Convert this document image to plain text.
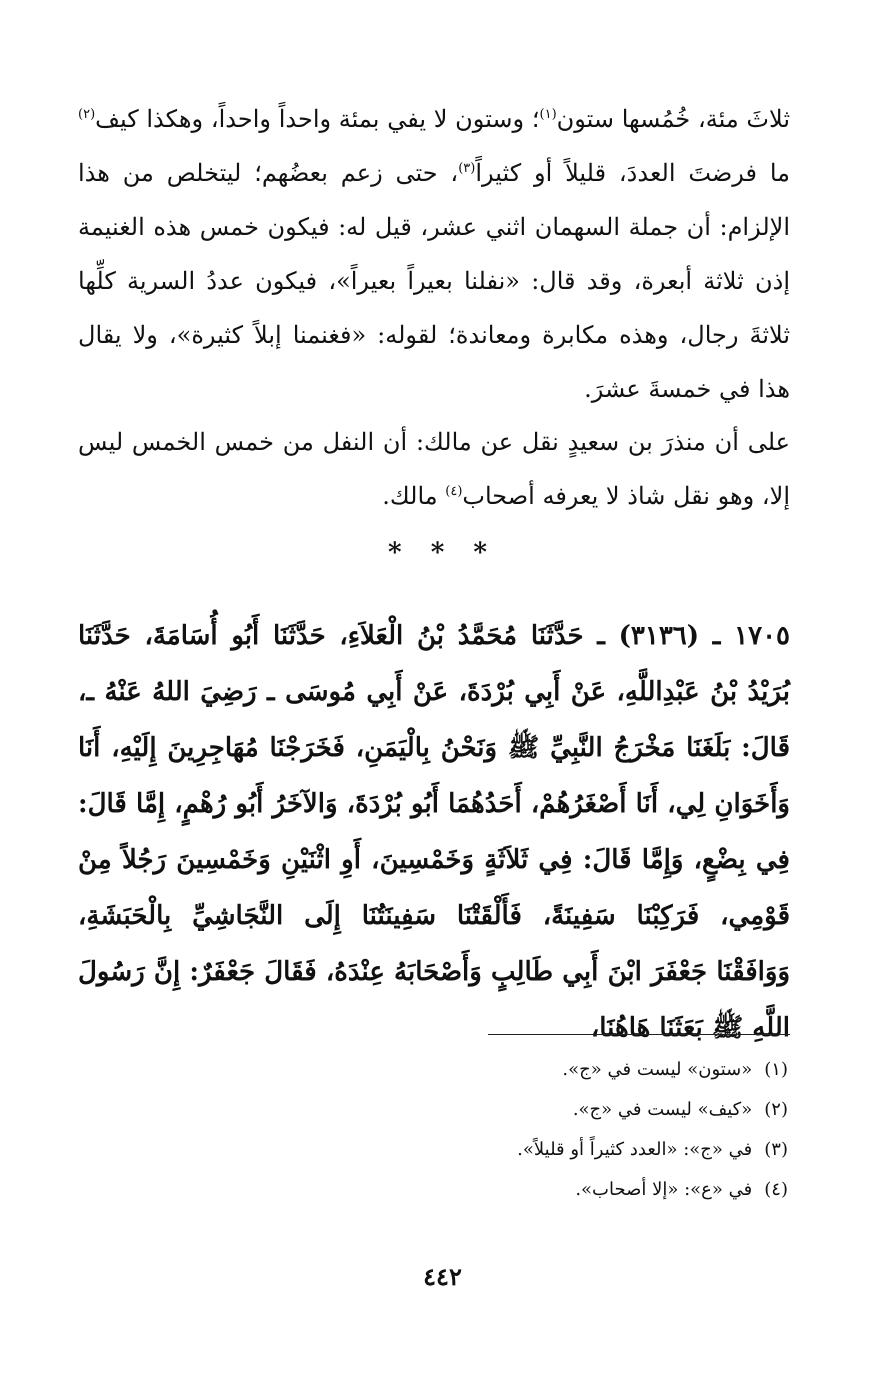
ثلاثَ مئة، خُمُسها ستون$^{(١)}$؛ وستون لا يفي بمئة واحداً واحداً، وهكذا كيف$^{(٢)}$ ما فرضتَ العددَ، قليلاً أو كثيراً$^{(٣)}$، حتى زعم بعضُهم؛ ليتخلص من هذا الإلزام: أن جملة السهمان اثني عشر، قيل له: فيكون خمس هذه الغنيمة إذن ثلاثة أبعرة، وقد قال: «نفلنا بعيراً بعيراً»، فيكون عددُ السرية كلِّها ثلاثةَ رجال، وهذه مكابرة ومعاندة؛ لقوله: «فغنمنا إبلاً كثيرة»، ولا يقال هذا في خمسةَ عشرَ.
على أن منذرَ بن سعيدٍ نقل عن مالك: أن النفل من خمس الخمس ليس إلا، وهو نقل شاذ لا يعرفه أصحاب$^{(٤)}$ مالك.
* * *
١٧٠٥ ـ (٣١٣٦) ـ حَدَّثَنَا مُحَمَّدُ بْنُ الْعَلاَءِ، حَدَّثَنَا أَبُو أُسَامَةَ، حَدَّثَنَا بُرَيْدُ بْنُ عَبْدِاللَّهِ، عَنْ أَبِي بُرْدَةَ، عَنْ أَبِي مُوسَى ـ رَضِيَ اللهُ عَنْهُ ـ، قَالَ: بَلَغَنَا مَخْرَجُ النَّبِيِّ ﷺ وَنَحْنُ بِالْيَمَنِ، فَخَرَجْنَا مُهَاجِرِينَ إِلَيْهِ، أَنَا وَأَخَوَانِ لِي، أَنَا أَصْغَرُهُمْ، أَحَدُهُمَا أَبُو بُرْدَةَ، وَالآخَرُ أَبُو رُهْمٍ، إِمَّا قَالَ: فِي بِضْعٍ، وَإِمَّا قَالَ: فِي ثَلاَثَةٍ وَخَمْسِينَ، أَوِ اثْنَيْنِ وَخَمْسِينَ رَجُلاً مِنْ قَوْمِي، فَرَكِبْنَا سَفِينَةً، فَأَلْقَتْنَا سَفِينَتُنَا إِلَى النَّجَاشِيِّ بِالْحَبَشَةِ، وَوَافَقْنَا جَعْفَرَ ابْنَ أَبِي طَالِبٍ وَأَصْحَابَهُ عِنْدَهُ، فَقَالَ جَعْفَرٌ: إِنَّ رَسُولَ اللَّهِ ﷺ بَعَثَنَا هَاهُنَا،
(١)«ستون» ليست في «ج».
(٢)«كيف» ليست في «ج».
(٣)في «ج»: «العدد كثيراً أو قليلاً».
(٤)في «ع»: «إلا أصحاب».
٤٤٢
